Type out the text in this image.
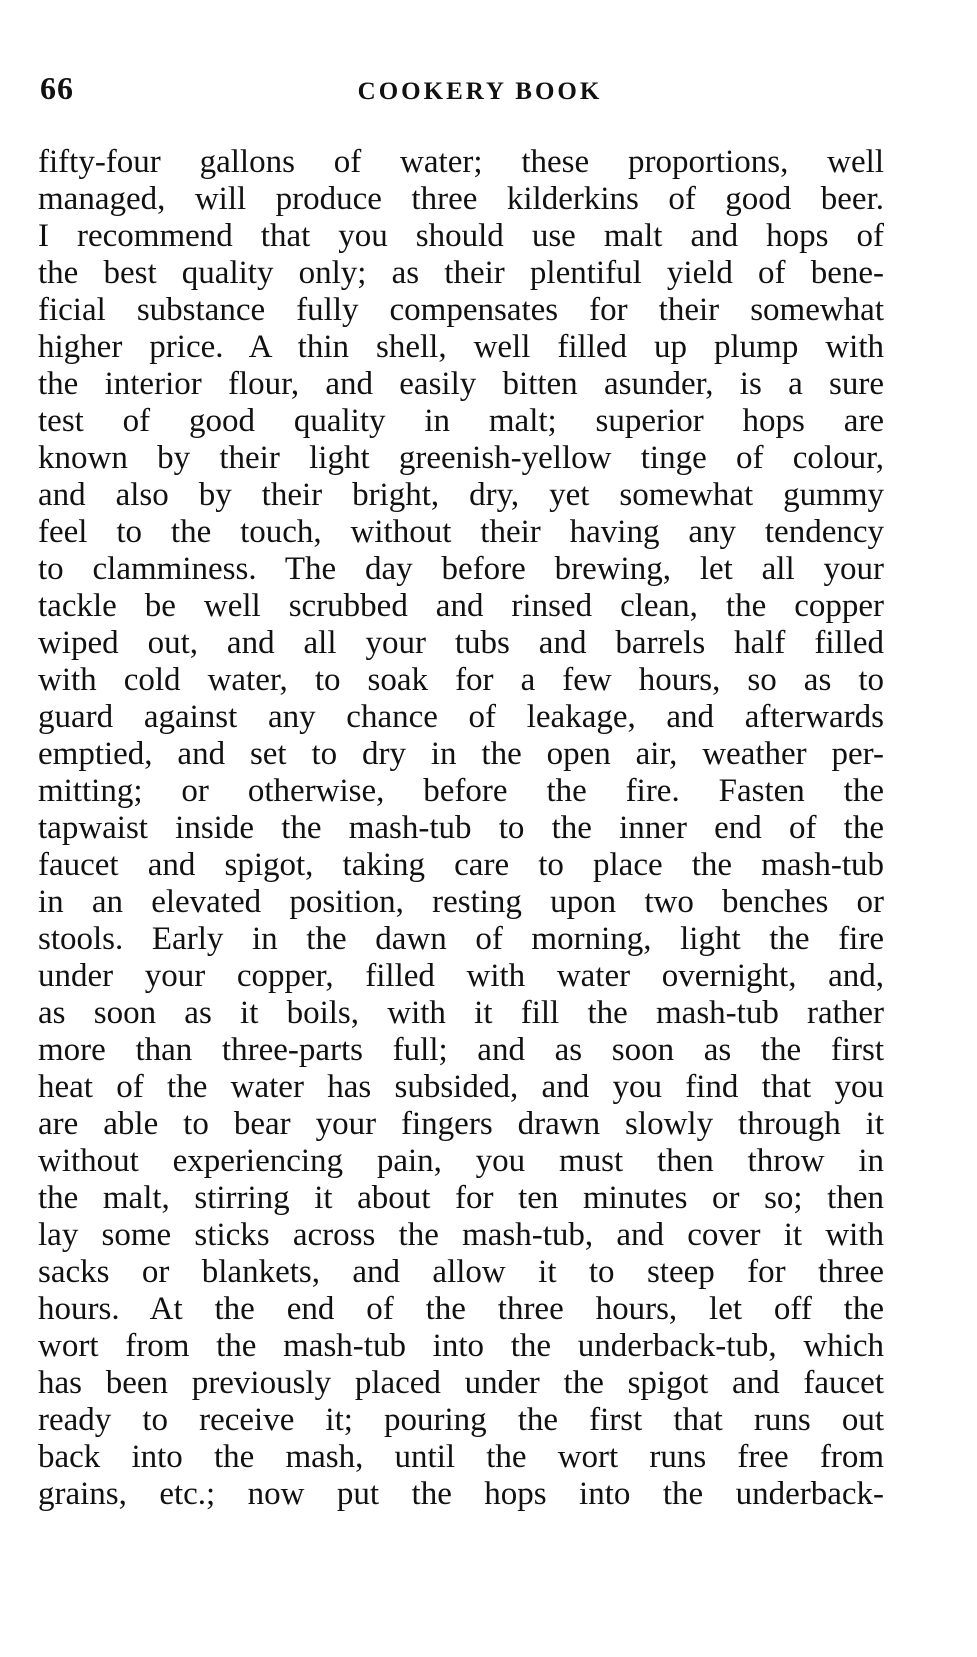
66	COOKERY BOOK
fifty-four gallons of water; these proportions, well
managed, will produce three kilderkins of good beer.
I recommend that you should use malt and hops of
the best quality only; as their plentiful yield of bene-
ficial substance fully compensates for their somewhat
higher price. A thin shell, well filled up plump with
the interior flour, and easily bitten asunder, is a sure
test of good quality in malt; superior hops are
known by their light greenish-yellow tinge of colour,
and also by their bright, dry, yet somewhat gummy
feel to the touch, without their having any tendency
to clamminess. The day before brewing, let all your
tackle be well scrubbed and rinsed clean, the copper
wiped out, and all your tubs and barrels half filled
with cold water, to soak for a few hours, so as to
guard against any chance of leakage, and afterwards
emptied, and set to dry in the open air, weather per-
mitting; or otherwise, before the fire. Fasten the
tapwaist inside the mash-tub to the inner end of the
faucet and spigot, taking care to place the mash-tub
in an elevated position, resting upon two benches or
stools. Early in the dawn of morning, light the fire
under your copper, filled with water overnight, and,
as soon as it boils, with it fill the mash-tub rather
more than three-parts full; and as soon as the first
heat of the water has subsided, and you find that you
are able to bear your fingers drawn slowly through it
without experiencing pain, you must then throw in
the malt, stirring it about for ten minutes or so; then
lay some sticks across the mash-tub, and cover it with
sacks or blankets, and allow it to steep for three
hours. At the end of the three hours, let off the
wort from the mash-tub into the underback-tub, which
has been previously placed under the spigot and faucet
ready to receive it; pouring the first that runs out
back into the mash, until the wort runs free from
grains, etc.; now put the hops into the underback-
